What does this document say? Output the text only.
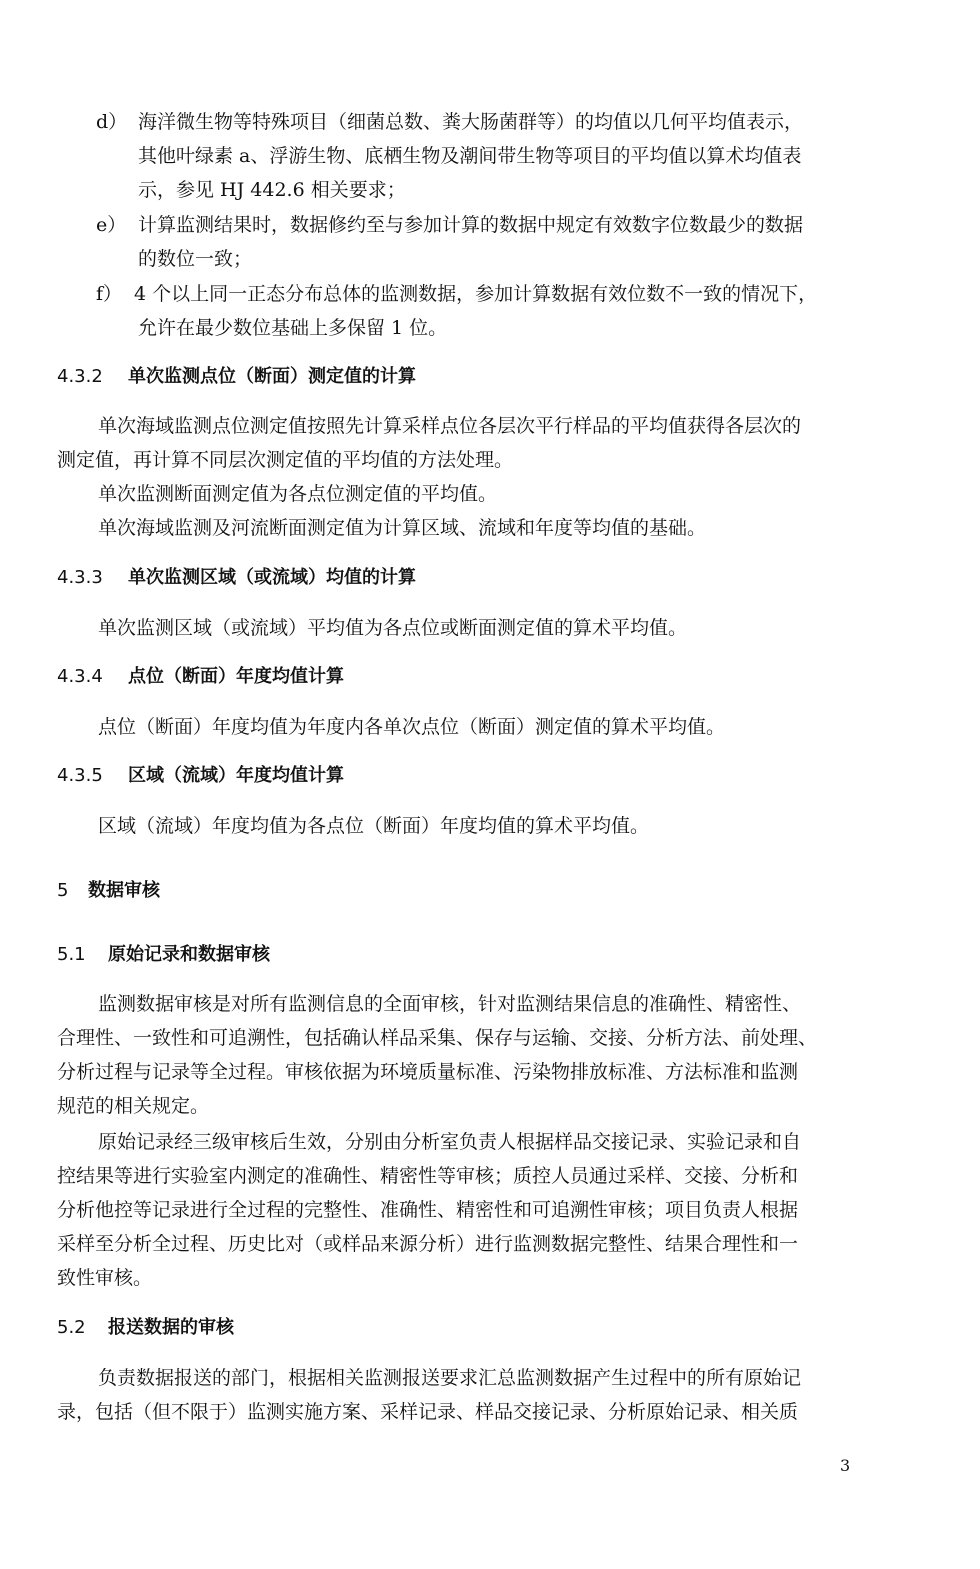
d） 海洋微生物等特殊项目（细菌总数、粪大肠菌群等）的均值以几何平均值表示，
其他叶绿素 a、浮游生物、底栖生物及潮间带生物等项目的平均值以算术均值表
示，参见 HJ 442.6 相关要求；
e） 计算监测结果时，数据修约至与参加计算的数据中规定有效数字位数最少的数据
的数位一致；
f） 4 个以上同一正态分布总体的监测数据，参加计算数据有效位数不一致的情况下，
允许在最少数位基础上多保留 1 位。
4.3.2 单次监测点位（断面）测定值的计算
单次海域监测点位测定值按照先计算采样点位各层次平行样品的平均值获得各层次的
测定值，再计算不同层次测定值的平均值的方法处理。
单次监测断面测定值为各点位测定值的平均值。
单次海域监测及河流断面测定值为计算区域、流域和年度等均值的基础。
4.3.3 单次监测区域（或流域）均值的计算
单次监测区域（或流域）平均值为各点位或断面测定值的算术平均值。
4.3.4 点位（断面）年度均值计算
点位（断面）年度均值为年度内各单次点位（断面）测定值的算术平均值。
4.3.5 区域（流域）年度均值计算
区域（流域）年度均值为各点位（断面）年度均值的算术平均值。
5 数据审核
5.1 原始记录和数据审核
监测数据审核是对所有监测信息的全面审核，针对监测结果信息的准确性、精密性、
合理性、一致性和可追溯性，包括确认样品采集、保存与运输、交接、分析方法、前处理、
分析过程与记录等全过程。审核依据为环境质量标准、污染物排放标准、方法标准和监测
规范的相关规定。
原始记录经三级审核后生效，分别由分析室负责人根据样品交接记录、实验记录和自
控结果等进行实验室内测定的准确性、精密性等审核；质控人员通过采样、交接、分析和
分析他控等记录进行全过程的完整性、准确性、精密性和可追溯性审核；项目负责人根据
采样至分析全过程、历史比对（或样品来源分析）进行监测数据完整性、结果合理性和一
致性审核。
5.2 报送数据的审核
负责数据报送的部门，根据相关监测报送要求汇总监测数据产生过程中的所有原始记
录，包括（但不限于）监测实施方案、采样记录、样品交接记录、分析原始记录、相关质
3
